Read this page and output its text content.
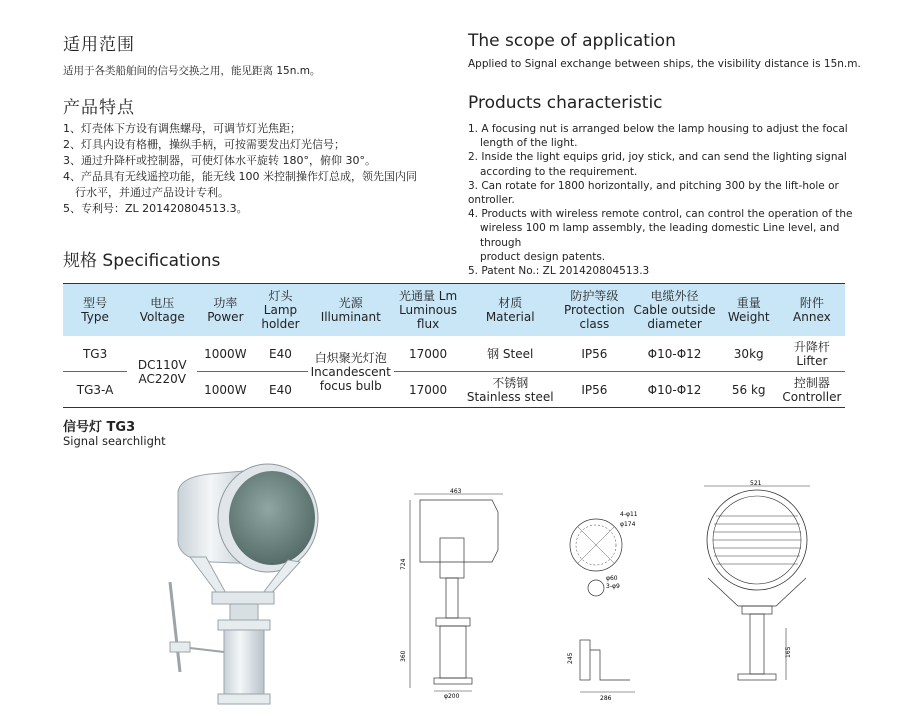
适用范围
适用于各类船舶间的信号交换之用，能见距离 15n.m。
The scope of application
Applied to Signal exchange between ships, the visibility distance is 15n.m.
产品特点
1、灯壳体下方设有调焦螺母，可调节灯光焦距；
2、灯具内设有格栅，操纵手柄，可按需要发出灯光信号；
3、通过升降杆或控制器，可使灯体水平旋转 180°，俯仰 30°。
4、产品具有无线遥控功能，能无线 100 米控制操作灯总成，领先国内同
行水平，并通过产品设计专利。
5、专利号：ZL 201420804513.3。
Products characteristic
1. A focusing nut is arranged below the lamp housing to adjust the focal
length of the light.
2. Inside the light equips grid, joy stick, and can send the lighting signal
according to the requirement.
3. Can rotate for 1800 horizontally, and pitching 300 by the lift-hole or ontroller.
4. Products with wireless remote control, can control the operation of the
wireless 100 m lamp assembly, the leading domestic Line level, and through
product design patents.
5. Patent No.: ZL 201420804513.3
规格 Specifications
型号
Type	电压
Voltage	功率
Power	灯头
Lamp
holder	光源
Illuminant	光通量 Lm
Luminous
flux	材质
Material	防护等级
Protection
class	电缆外径
Cable outside
diameter	重量
Weight	附件
Annex
TG3	DC110V
AC220V	1000W	E40	白炽聚光灯泡
Incandescent
focus bulb	17000	钢 Steel	IP56	Φ10-Φ12	30kg	升降杆
Lifter
TG3-A		1000W	E40		17000	不锈钢
Stainless steel	IP56	Φ10-Φ12	56 kg	控制器
Controller
信号灯 TG3
Signal searchlight
463
724
360
φ200
4-φ11
φ174
φ60
3-φ9
245
286
521
165
